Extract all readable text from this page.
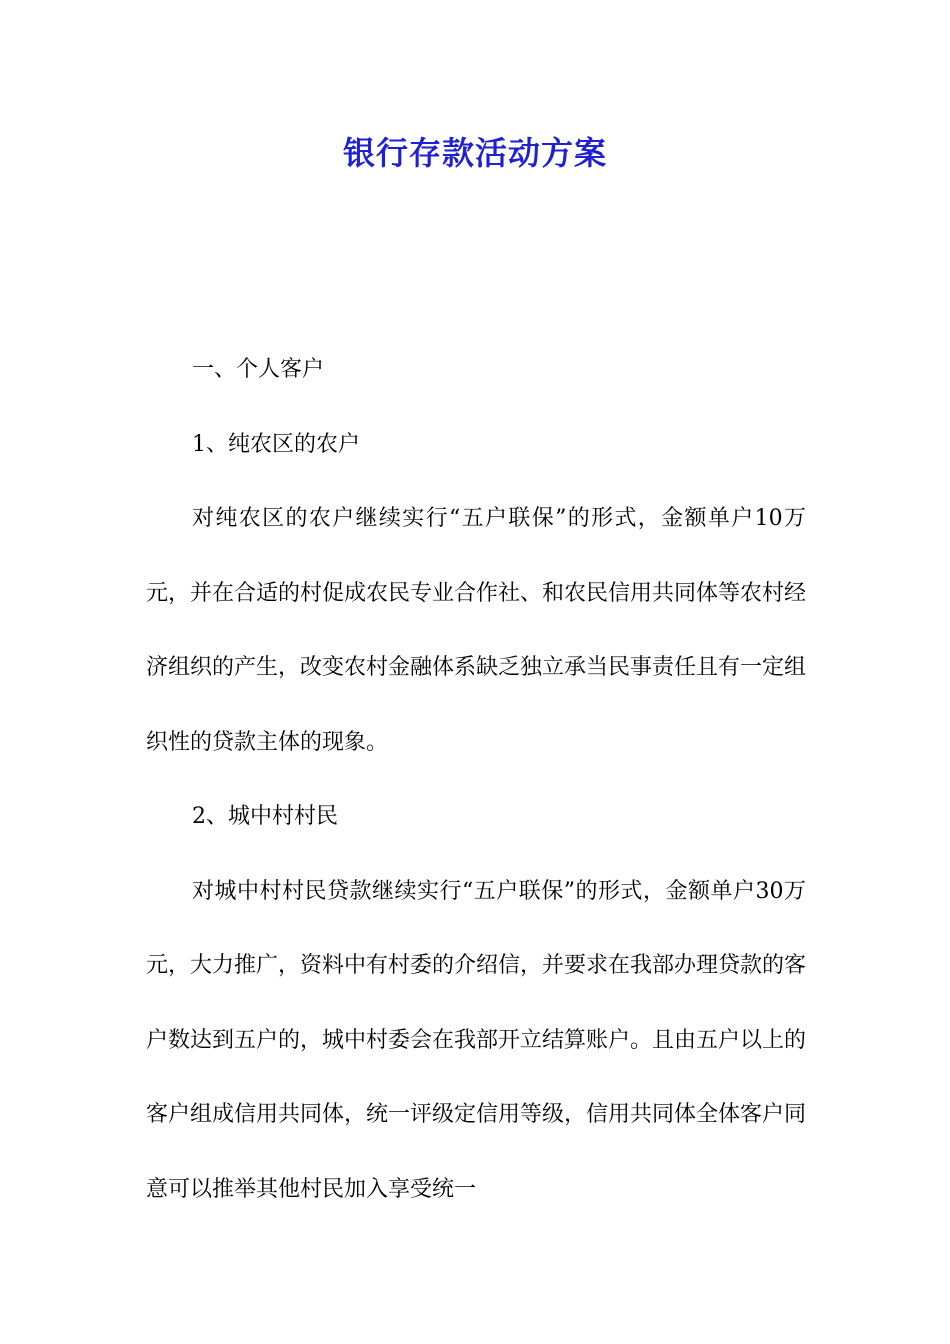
银行存款活动方案

一、个人客户

1、纯农区的农户

对纯农区的农户继续实行“五户联保”的形式，金额单户10万元，并在合适的村促成农民专业合作社、和农民信用共同体等农村经济组织的产生，改变农村金融体系缺乏独立承当民事责任且有一定组织性的贷款主体的现象。

2、城中村村民

对城中村村民贷款继续实行“五户联保”的形式，金额单户30万元，大力推广，资料中有村委的介绍信，并要求在我部办理贷款的客户数达到五户的，城中村委会在我部开立结算账户。且由五户以上的客户组成信用共同体，统一评级定信用等级，信用共同体全体客户同意可以推举其他村民加入享受统一
